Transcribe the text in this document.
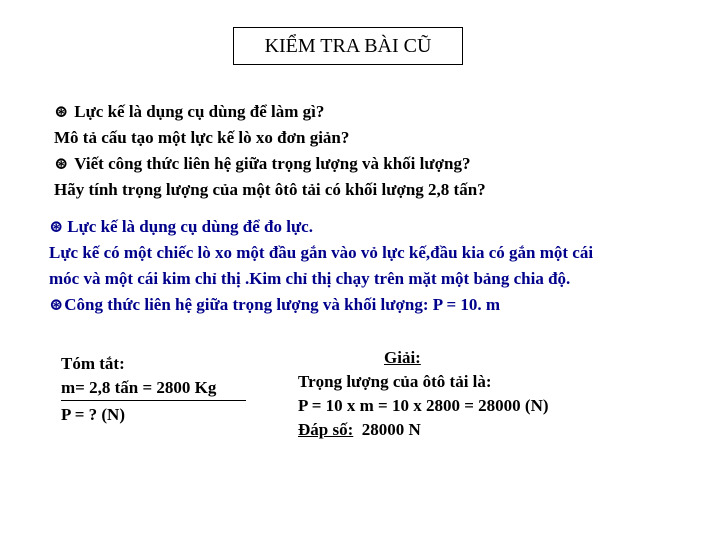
KIỂM TRA BÀI CŨ
⊛ Lực kế là dụng cụ dùng để làm gì?
Mô tả cấu tạo một lực kế lò xo đơn giản?
⊛ Viết công thức liên hệ giữa trọng lượng và khối lượng?
Hãy tính trọng lượng của một ôtô tải có khối lượng 2,8 tấn?
⊛ Lực kế là dụng cụ dùng để đo lực.
Lực kế có một chiếc lò xo một đầu gắn vào vỏ lực kế,đầu kia có gắn một cái
móc và một cái kim chỉ thị .Kim chỉ thị chạy trên mặt một bảng chia độ.
⊛Công thức liên hệ giữa trọng lượng và khối lượng: P = 10. m
Tóm tắt:
m= 2,8 tấn = 2800 Kg
P = ? (N)
Giải:
Trọng lượng của ôtô tải là:
P = 10 x m = 10 x 2800 = 28000 (N)
Đáp số: 28000 N
